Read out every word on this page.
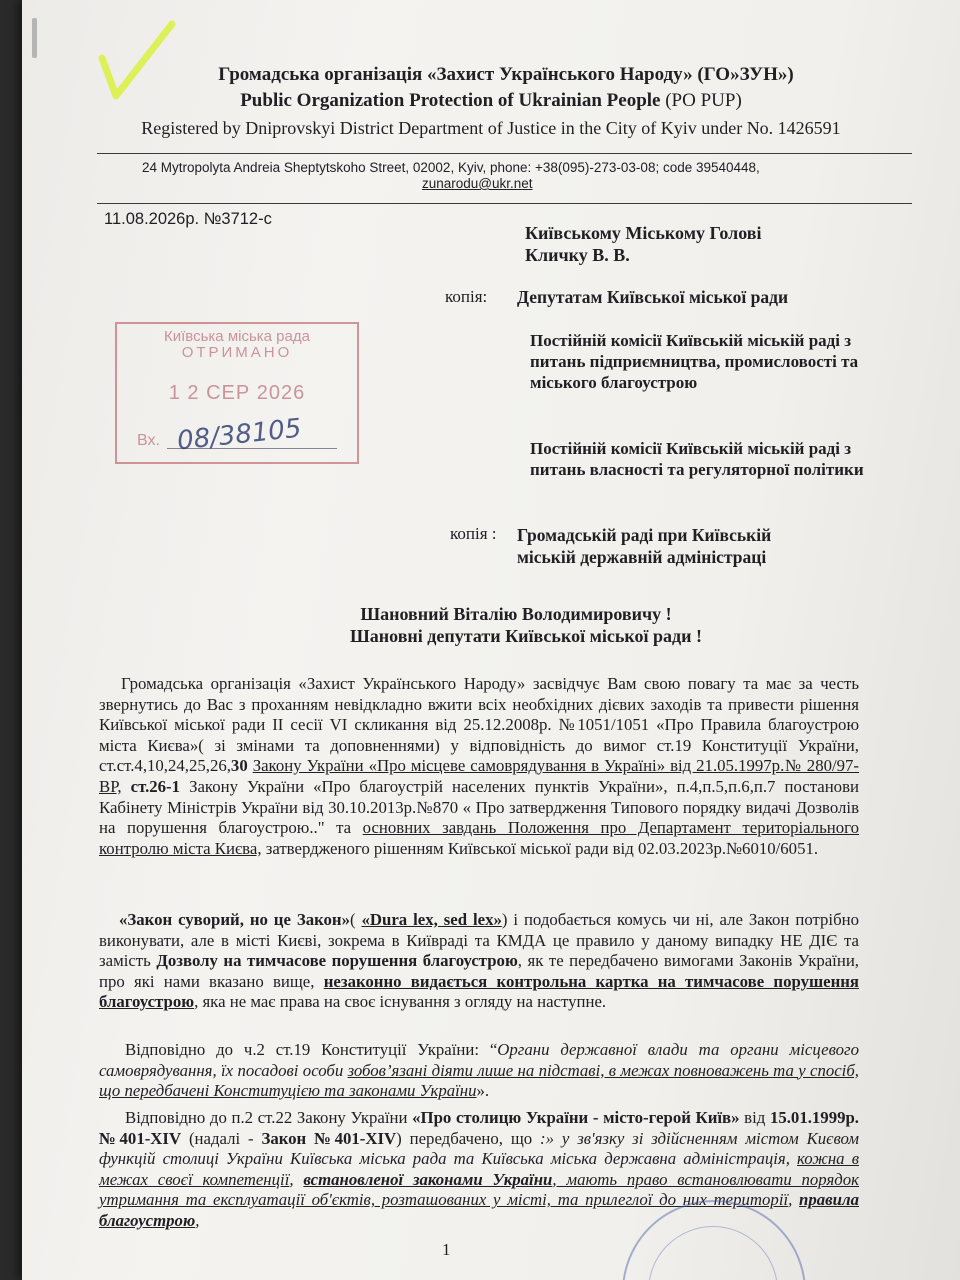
Громадська організація «Захист Українського Народу» (ГО»ЗУН»)
Public Organization Protection of Ukrainian People (PO PUP)
Registered by Dniprovskyi District Department of Justice in the City of Kyiv under No. 1426591
24 Mytropolyta Andreia Sheptytskoho Street, 02002, Kyiv, phone: +38(095)-273-03-08; code 39540448,
zunarodu@ukr.net
11.08.2026р. №3712-с
Київському Міському Голові
Кличку В. В.
копія: Депутатам Київської міської ради
Постійній комісії Київській міській раді з питань підприємництва, промисловості та міського благоустрою
Постійній комісії Київській міській раді з питань власності та регуляторної політики
копія : Громадській раді при Київській
міській державній адміністраці
Київська міська рада
ОТРИМАНО
1 2 СЕР 2026
Вх. 08/38105
Шановний Віталію Володимировичу !
Шановні депутати Київської міської ради !
Громадська організація «Захист Українського Народу» засвідчує Вам свою повагу та має за честь звернутись до Вас з проханням невідкладно вжити всіх необхідних дієвих заходів та привести рішення Київської міської ради ІІ сесії VI скликання від 25.12.2008р. №1051/1051 «Про Правила благоустрою міста Києва»( зі змінами та доповненнями) у відповідність до вимог ст.19 Конституції України, ст.ст.4,10,24,25,26,30 Закону України «Про місцеве самоврядування в Україні» від 21.05.1997р.№ 280/97-ВР, ст.26-1 Закону України «Про благоустрій населених пунктів України», п.4,п.5,п.6,п.7 постанови Кабінету Міністрів України від 30.10.2013р.№870 « Про затвердження Типового порядку видачі Дозволів на порушення благоустрою.." та основних завдань Положення про Департамент територіального контролю міста Києва, затвердженого рішенням Київської міської ради від 02.03.2023р.№6010/6051.
«Закон суворий, но це Закон»( «Dura lex, sed lex») і подобається комусь чи ні, але Закон потрібно виконувати, але в місті Києві, зокрема в Київраді та КМДА це правило у даному випадку НЕ ДІЄ та замість Дозволу на тимчасове порушення благоустрою, як те передбачено вимогами Законів України, про які нами вказано вище, незаконно видається контрольна картка на тимчасове порушення благоустрою, яка не має права на своє існування з огляду на наступне.
Відповідно до ч.2 ст.19 Конституції України: “Органи державної влади та органи місцевого самоврядування, їх посадові особи зобов’язані діяти лише на підставі, в межах повноважень та у спосіб, що передбачені Конституцією та законами України».
Відповідно до п.2 ст.22 Закону України «Про столицю України - місто-герой Київ» від 15.01.1999р. №401-XIV (надалі - Закон №401-XIV) передбачено, що :» у зв'язку зі здійсненням містом Києвом функцій столиці України Київська міська рада та Київська міська державна адміністрація, кожна в межах своєї компетенції, встановленої законами України, мають право встановлювати порядок утримання та експлуатації об'єктів, розташованих у місті, та прилеглої до них території, правила благоустрою,
1
